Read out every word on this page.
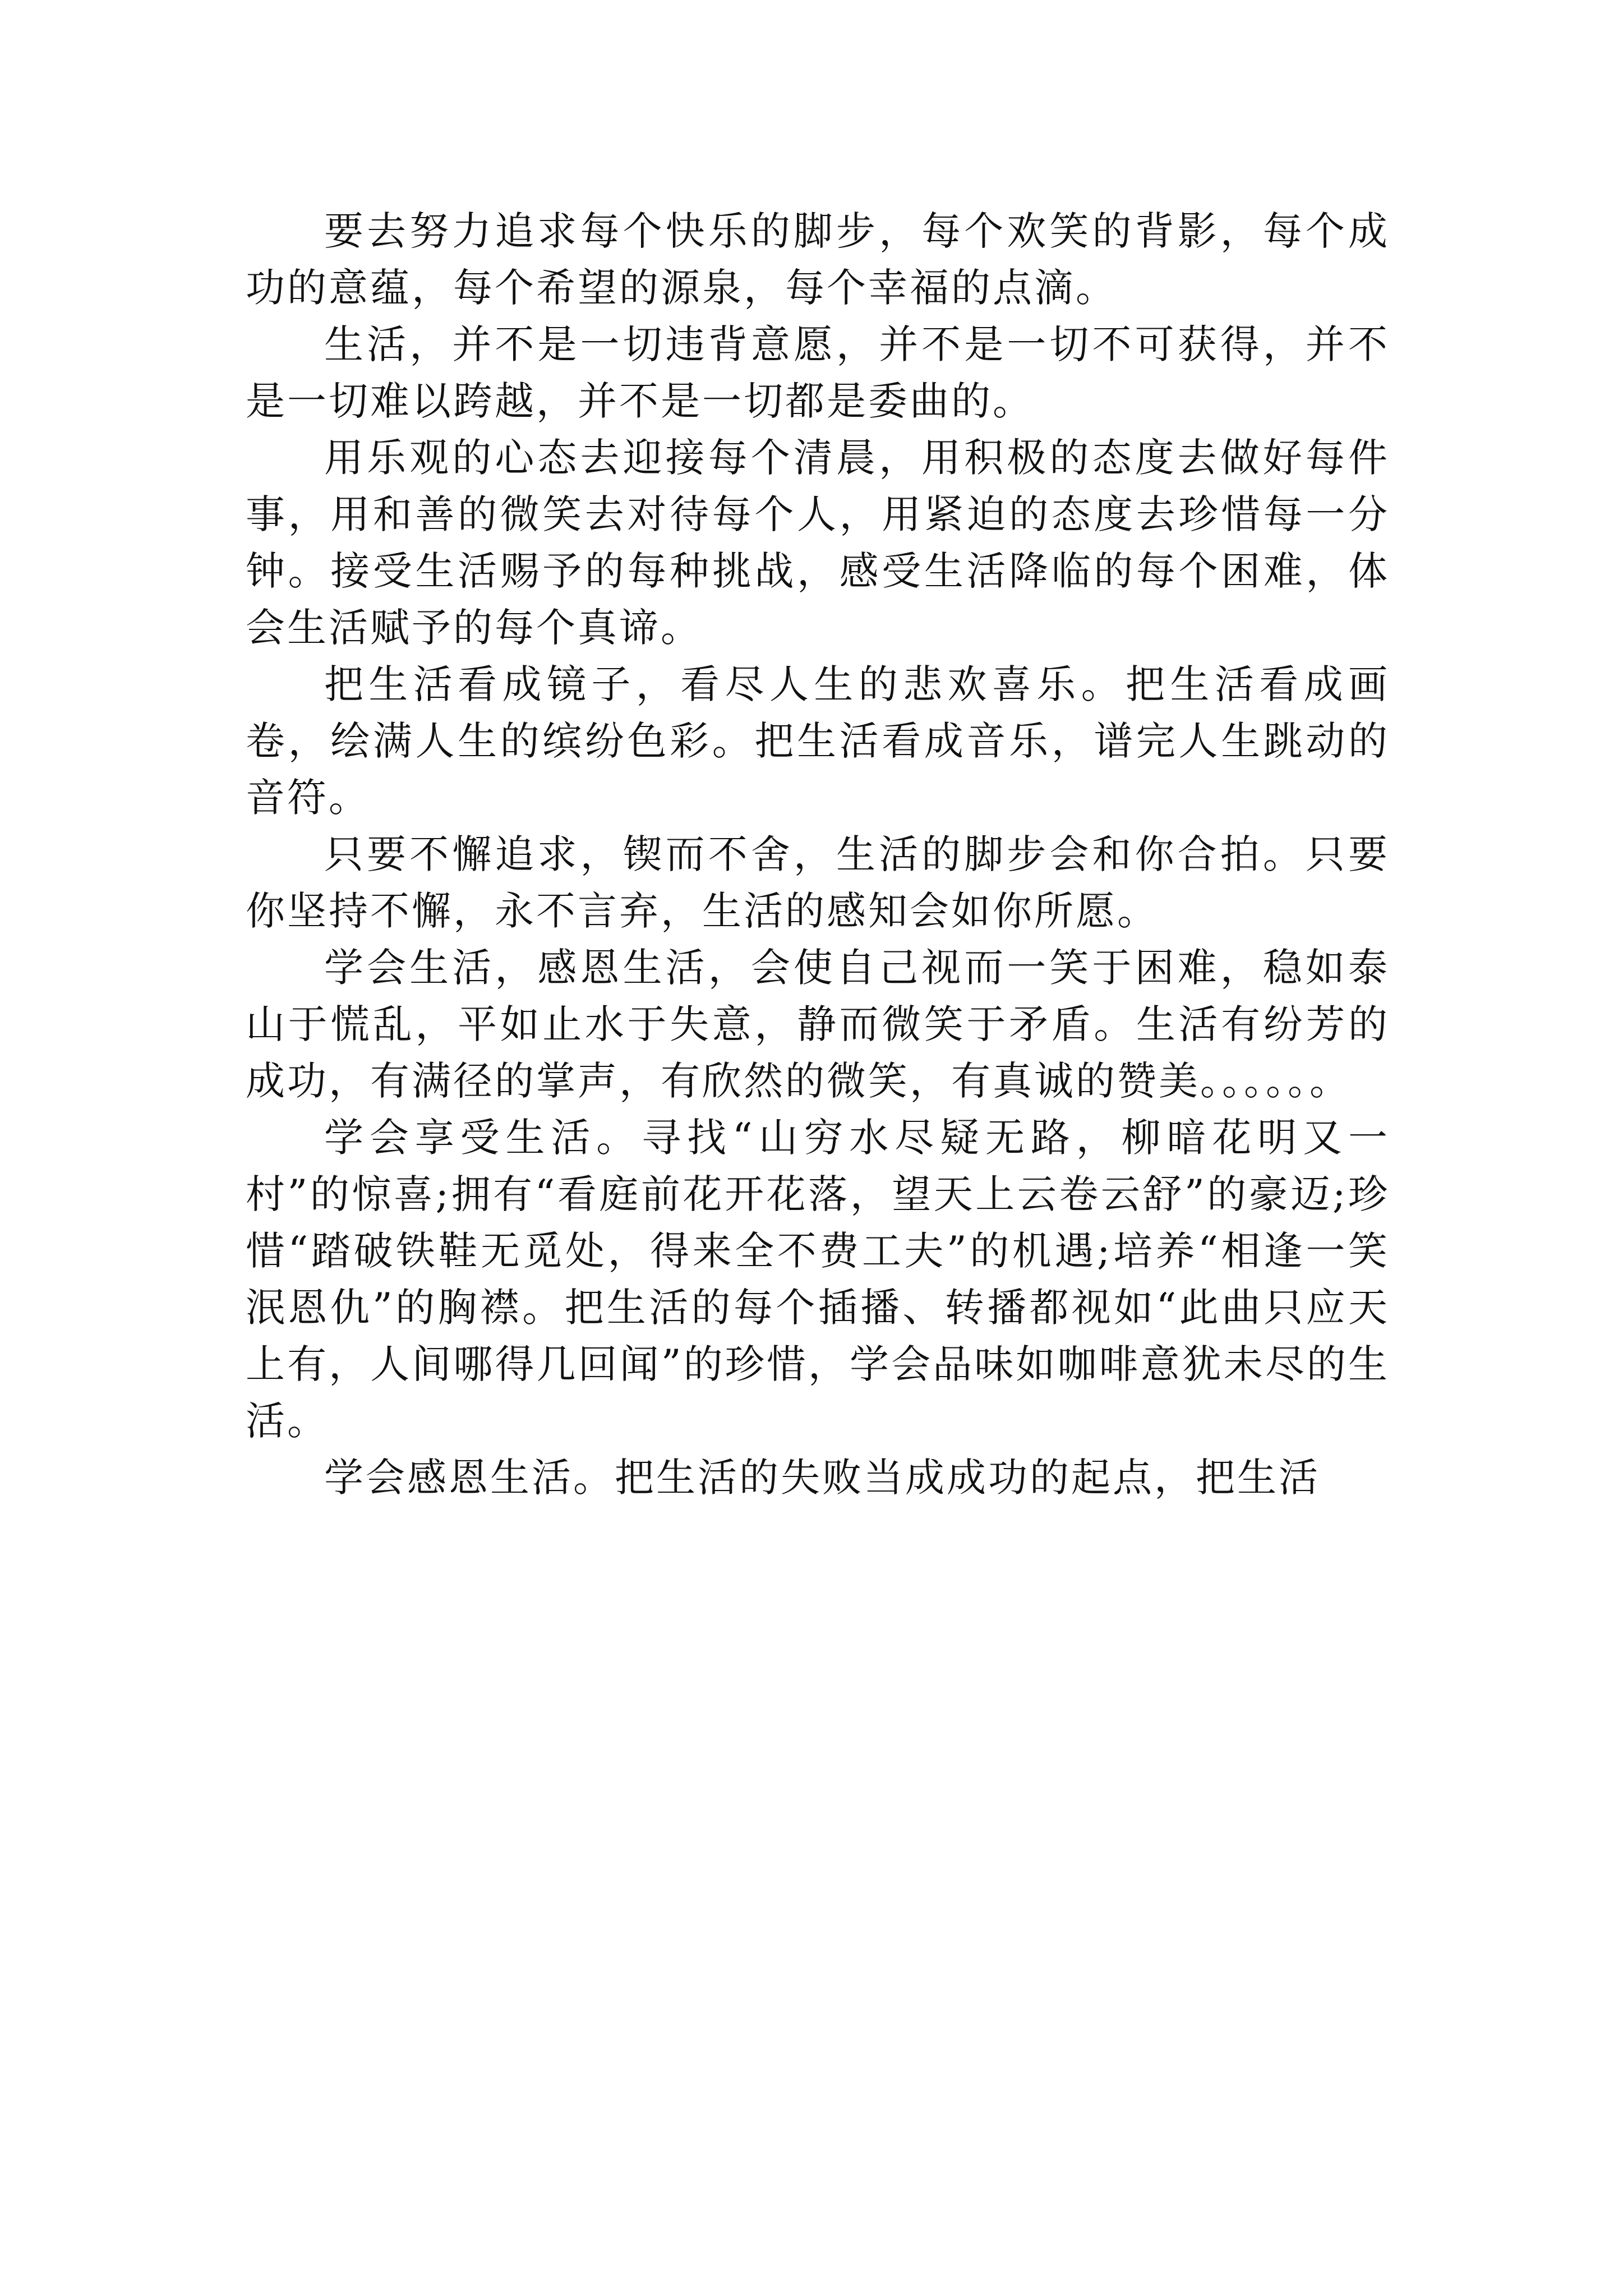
要去努力追求每个快乐的脚步，每个欢笑的背影，每个成功的意蕴，每个希望的源泉，每个幸福的点滴。

生活，并不是一切违背意愿，并不是一切不可获得，并不是一切难以跨越，并不是一切都是委曲的。

用乐观的心态去迎接每个清晨，用积极的态度去做好每件事，用和善的微笑去对待每个人，用紧迫的态度去珍惜每一分钟。接受生活赐予的每种挑战，感受生活降临的每个困难，体会生活赋予的每个真谛。

把生活看成镜子，看尽人生的悲欢喜乐。把生活看成画卷，绘满人生的缤纷色彩。把生活看成音乐，谱完人生跳动的音符。

只要不懈追求，锲而不舍，生活的脚步会和你合拍。只要你坚持不懈，永不言弃，生活的感知会如你所愿。

学会生活，感恩生活，会使自己视而一笑于困难，稳如泰山于慌乱，平如止水于失意，静而微笑于矛盾。生活有纷芳的成功，有满径的掌声，有欣然的微笑，有真诚的赞美。。。。。。

学会享受生活。寻找“山穷水尽疑无路，柳暗花明又一村”的惊喜;拥有“看庭前花开花落，望天上云卷云舒”的豪迈;珍惜“踏破铁鞋无觅处，得来全不费工夫”的机遇;培养“相逢一笑泯恩仇”的胸襟。把生活的每个插播、转播都视如“此曲只应天上有，人间哪得几回闻”的珍惜，学会品味如咖啡意犹未尽的生活。

学会感恩生活。把生活的失败当成成功的起点，把生活
